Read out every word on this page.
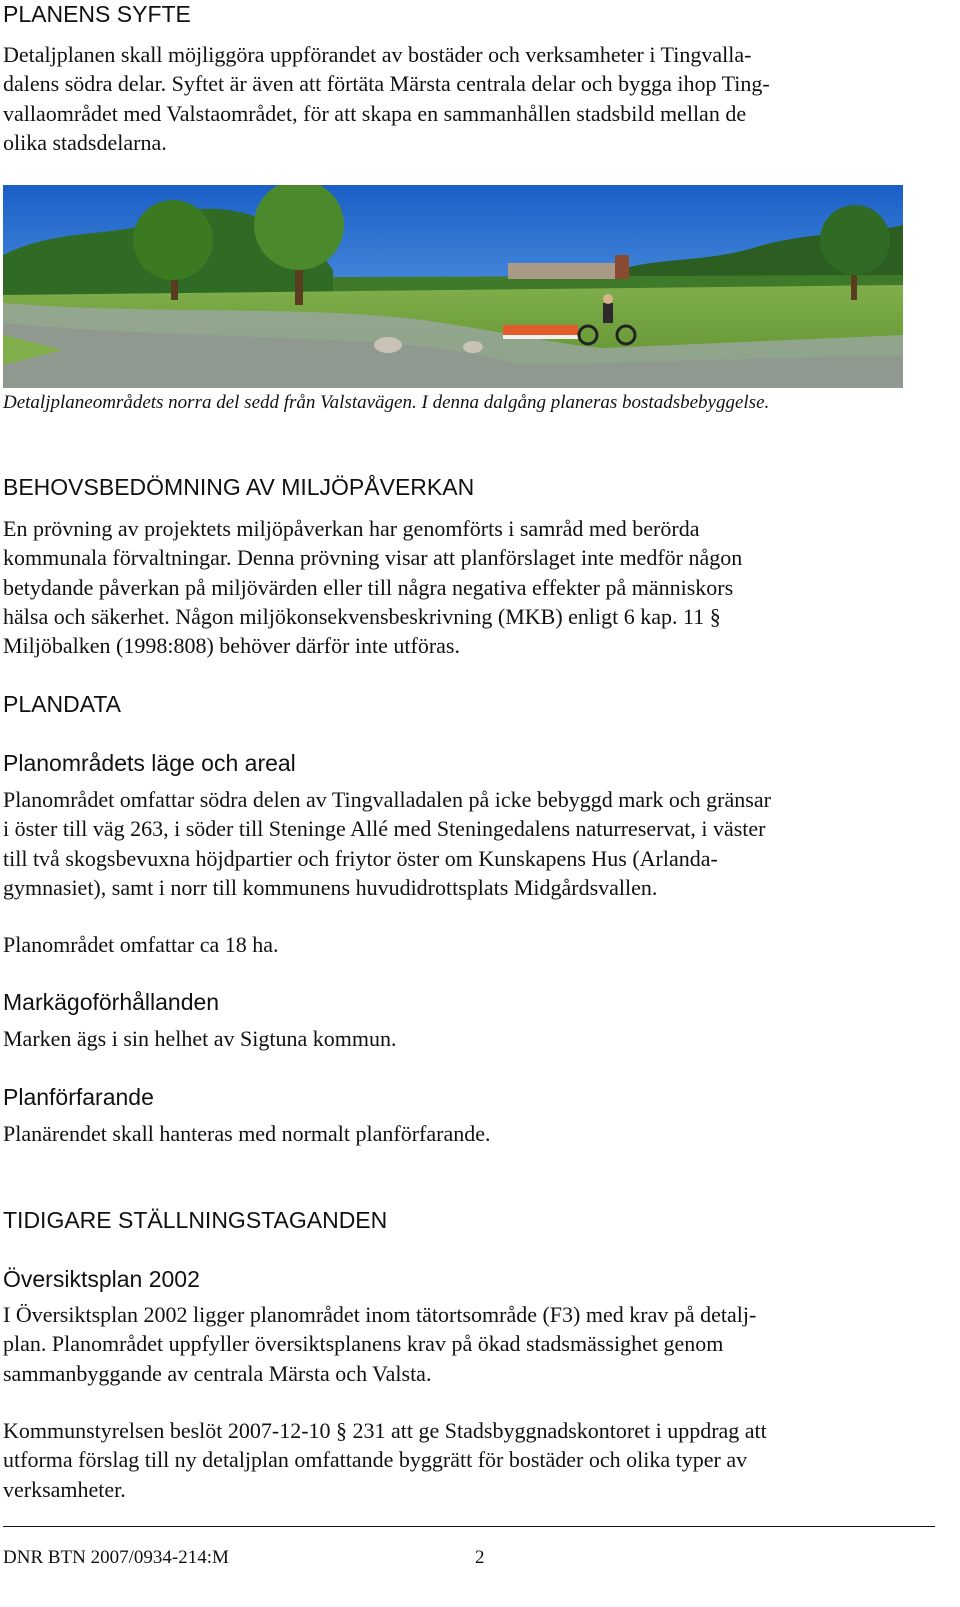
PLANENS SYFTE
Detaljplanen skall möjliggöra uppförandet av bostäder och verksamheter i Tingvalla-
dalens södra delar. Syftet är även att förtäta Märsta centrala delar och bygga ihop Ting-
vallaområdet med Valstaområdet, för att skapa en sammanhållen stadsbild mellan de
olika stadsdelarna.
Detaljplaneområdets norra del sedd från Valstavägen. I denna dalgång planeras bostadsbebyggelse.
BEHOVSBEDÖMNING AV MILJÖPÅVERKAN
En prövning av projektets miljöpåverkan har genomförts i samråd med berörda
kommunala förvaltningar. Denna prövning visar att planförslaget inte medför någon
betydande påverkan på miljövärden eller till några negativa effekter på människors
hälsa och säkerhet. Någon miljökonsekvensbeskrivning (MKB) enligt 6 kap. 11 §
Miljöbalken (1998:808) behöver därför inte utföras.
PLANDATA
Planområdets läge och areal
Planområdet omfattar södra delen av Tingvalladalen på icke bebyggd mark och gränsar
i öster till väg 263, i söder till Steninge Allé med Steningedalens naturreservat, i väster
till två skogsbevuxna höjdpartier och friytor öster om Kunskapens Hus (Arlanda-
gymnasiet), samt i norr till kommunens huvudidrottsplats Midgårdsvallen.
Planområdet omfattar ca 18 ha.
Markägoförhållanden
Marken ägs i sin helhet av Sigtuna kommun.
Planförfarande
Planärendet skall hanteras med normalt planförfarande.
TIDIGARE STÄLLNINGSTAGANDEN
Översiktsplan 2002
I Översiktsplan 2002 ligger planområdet inom tätortsområde (F3) med krav på detalj-
plan. Planområdet uppfyller översiktsplanens krav på ökad stadsmässighet genom
sammanbyggande av centrala Märsta och Valsta.
Kommunstyrelsen beslöt 2007-12-10 § 231 att ge Stadsbyggnadskontoret i uppdrag att
utforma förslag till ny detaljplan omfattande byggrätt för bostäder och olika typer av
verksamheter.
DNR BTN 2007/0934-214:M	2
